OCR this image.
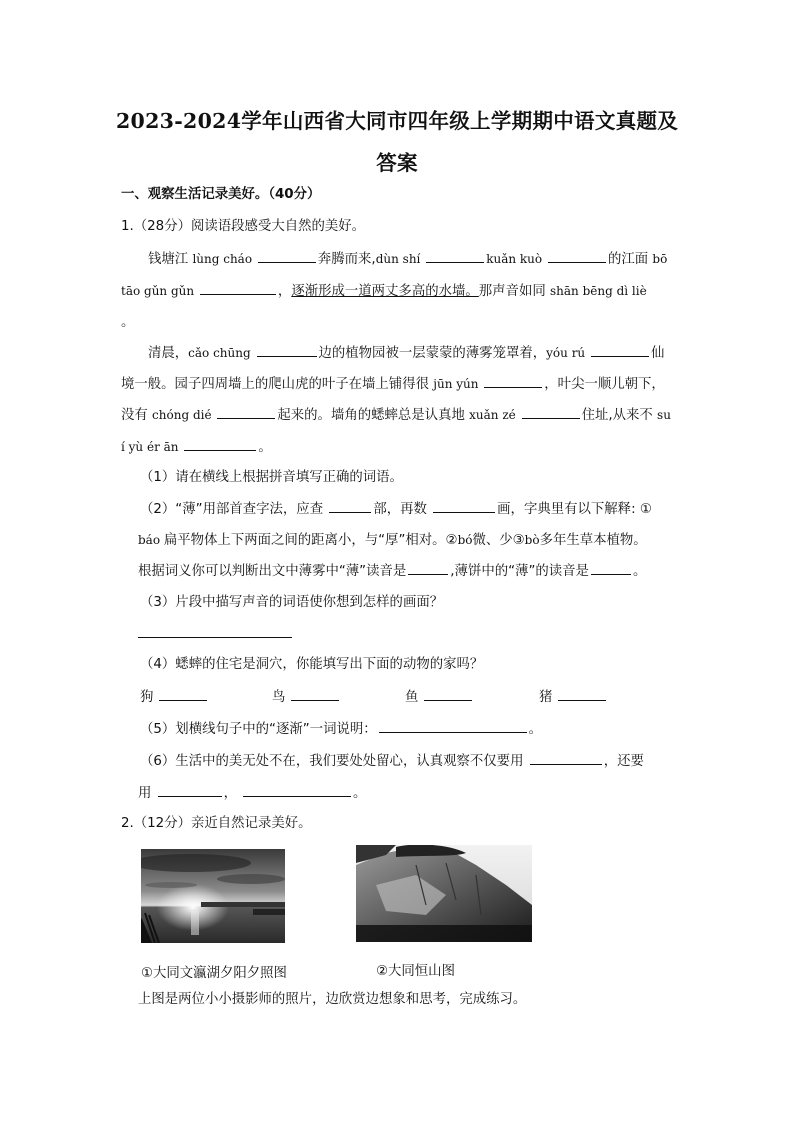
2023-2024学年山西省大同市四年级上学期期中语文真题及
答案
一、观察生活记录美好。（40分）
1.（28分）阅读语段感受大自然的美好。
钱塘江 lùng cháo	奔腾而来,dùn shí	kuǎn kuò	的江面 bō
tāo gǔn gǔn	，逐渐形成一道两丈多高的水墙。那声音如同 shān bēng dì liè
。
清晨，cǎo chūng	边的植物园被一层蒙蒙的薄雾笼罩着，yóu rú	仙
境一般。园子四周墙上的爬山虎的叶子在墙上铺得很 jūn yún	，叶尖一顺儿朝下，
没有 chóng dié	起来的。墙角的蟋蟀总是认真地 xuǎn zé	住址,从来不 su
í yù ér ān	。
（1）请在横线上根据拼音填写正确的词语。
（2）“薄”用部首查字法，应查	部，再数	画，字典里有以下解释: ①
báo 扁平物体上下两面之间的距离小，与“厚”相对。②bó微、少③bò多年生草本植物。
根据词义你可以判断出文中薄雾中“薄”读音是	,薄饼中的“薄”的读音是	。
（3）片段中描写声音的词语使你想到怎样的画面？
（4）蟋蟀的住宅是洞穴，你能填写出下面的动物的家吗？
狗	鸟	鱼	猪
（5）划横线句子中的“逐渐”一词说明：	。
（6）生活中的美无处不在，我们要处处留心，认真观察不仅要用	，还要
用	，	。
2.（12分）亲近自然记录美好。
①大同文瀛湖夕阳夕照图	②大同恒山图
上图是两位小小摄影师的照片，边欣赏边想象和思考，完成练习。
